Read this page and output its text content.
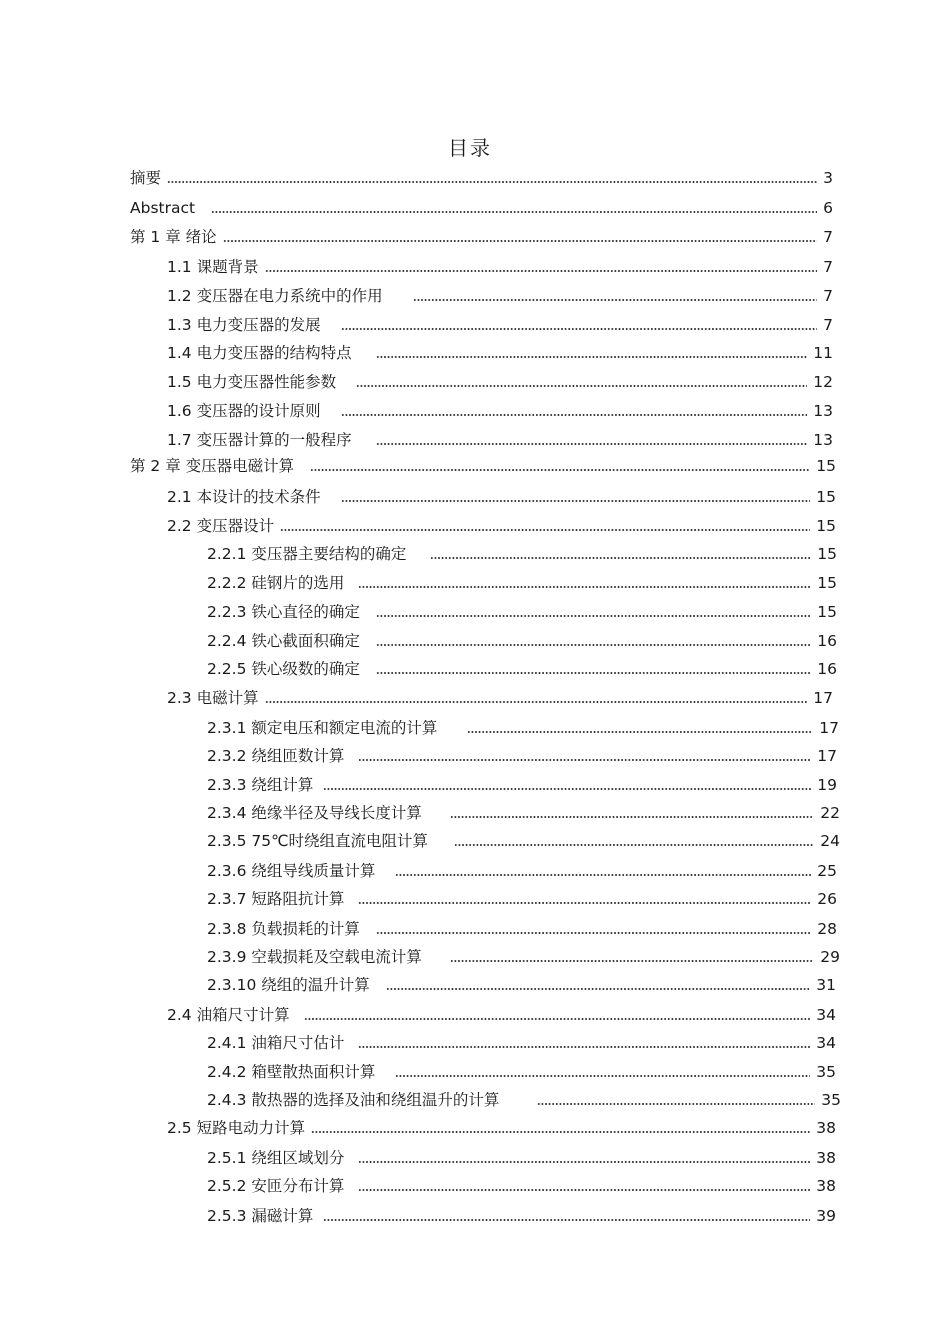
目录
摘要	3
Abstract	6
第 1 章 绪论	7
1.1 课题背景	7
1.2 变压器在电力系统中的作用	7
1.3 电力变压器的发展	7
1.4 电力变压器的结构特点	11
1.5 电力变压器性能参数	12
1.6 变压器的设计原则	13
1.7 变压器计算的一般程序	13
第 2 章 变压器电磁计算	15
2.1 本设计的技术条件	15
2.2 变压器设计	15
2.2.1 变压器主要结构的确定	15
2.2.2 硅钢片的选用	15
2.2.3 铁心直径的确定	15
2.2.4 铁心截面积确定	16
2.2.5 铁心级数的确定	16
2.3 电磁计算	17
2.3.1 额定电压和额定电流的计算	17
2.3.2 绕组匝数计算	17
2.3.3 绕组计算	19
2.3.4 绝缘半径及导线长度计算	22
2.3.5 75℃时绕组直流电阻计算	24
2.3.6 绕组导线质量计算	25
2.3.7 短路阻抗计算	26
2.3.8 负载损耗的计算	28
2.3.9 空载损耗及空载电流计算	29
2.3.10 绕组的温升计算	31
2.4 油箱尺寸计算	34
2.4.1 油箱尺寸估计	34
2.4.2 箱壁散热面积计算	35
2.4.3 散热器的选择及油和绕组温升的计算	35
2.5 短路电动力计算	38
2.5.1 绕组区域划分	38
2.5.2 安匝分布计算	38
2.5.3 漏磁计算	39
